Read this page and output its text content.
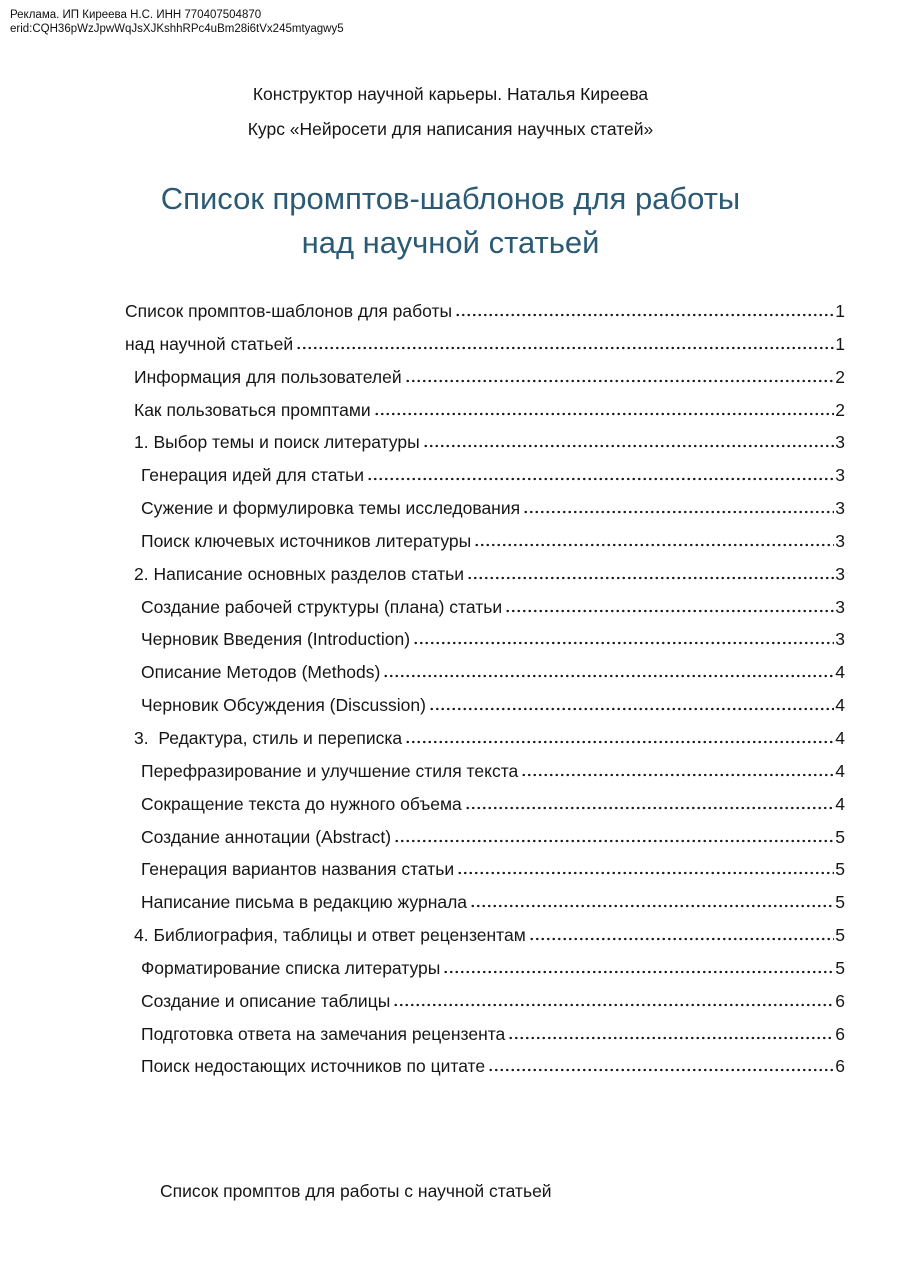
Реклама. ИП Киреева Н.С. ИНН 770407504870
erid:CQH36pWzJpwWqJsXJKshhRPc4uBm28i6tVx245mtyagwy5
Конструктор научной карьеры. Наталья Киреева
Курс «Нейросети для написания научных статей»
Список промптов-шаблонов для работы
над научной статьей
Список промптов-шаблонов для работы	1
над научной статьей	1
Информация для пользователей	2
Как пользоваться промптами	2
1. Выбор темы и поиск литературы	3
Генерация идей для статьи	3
Сужение и формулировка темы исследования	3
Поиск ключевых источников литературы	3
2. Написание основных разделов статьи	3
Создание рабочей структуры (плана) статьи	3
Черновик Введения (Introduction)	3
Описание Методов (Methods)	4
Черновик Обсуждения (Discussion)	4
3.  Редактура, стиль и переписка	4
Перефразирование и улучшение стиля текста	4
Сокращение текста до нужного объема	4
Создание аннотации (Abstract)	5
Генерация вариантов названия статьи	5
Написание письма в редакцию журнала	5
4. Библиография, таблицы и ответ рецензентам	5
Форматирование списка литературы	5
Создание и описание таблицы	6
Подготовка ответа на замечания рецензента	6
Поиск недостающих источников по цитате	6
Список промптов для работы с научной статьей
